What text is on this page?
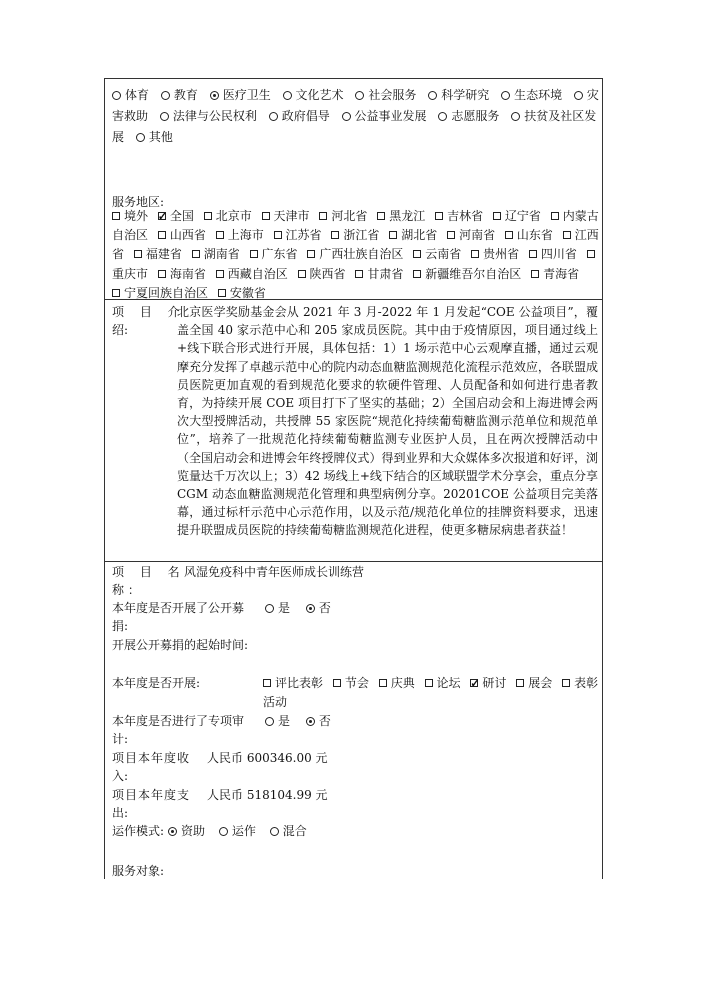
体育 教育 医疗卫生 文化艺术 社会服务 科学研究 生态环境 灾害救助 法律与公民权利 政府倡导 公益事业发展 志愿服务 扶贫及社区发展 其他
服务地区:
境外 ✓ 全国 北京市 天津市 河北省 黑龙江 吉林省 辽宁省 内蒙古自治区 山西省 上海市 江苏省 浙江省 湖北省 河南省 山东省 江西省 福建省 湖南省 广东省 广西壮族自治区 云南省 贵州省 四川省 重庆市 海南省 西藏自治区 陕西省 甘肃省 新疆维吾尔自治区 青海省 宁夏回族自治区 安徽省
项 目 介
绍:
北京医学奖励基金会从 2021 年 3 月-2022 年 1 月发起“COE 公益项目”，覆盖全国 40 家示范中心和 205 家成员医院。其中由于疫情原因，项目通过线上+线下联合形式进行开展，具体包括：1）1 场示范中心云观摩直播，通过云观摩充分发挥了卓越示范中心的院内动态血糖监测规范化流程示范效应，各联盟成员医院更加直观的看到规范化要求的软硬件管理、人员配备和如何进行患者教育，为持续开展 COE 项目打下了坚实的基础；2）全国启动会和上海进博会两次大型授牌活动，共授牌 55 家医院“规范化持续葡萄糖监测示范单位和规范单位”，培养了一批规范化持续葡萄糖监测专业医护人员，且在两次授牌活动中（全国启动会和进博会年终授牌仪式）得到业界和大众媒体多次报道和好评，浏览量达千万次以上；3）42 场线上+线下结合的区域联盟学术分享会，重点分享 CGM 动态血糖监测规范化管理和典型病例分享。20201COE 公益项目完美落幕，通过标杆示范中心示范作用，以及示范/规范化单位的挂牌资料要求，迅速提升联盟成员医院的持续葡萄糖监测规范化进程，使更多糖尿病患者获益！
项 目 名
风湿免疫科中青年医师成长训练营
称 ：
本年度是否开展了公开募
捐:
是 否
开展公开募捐的起始时间:
本年度是否开展:	评比表彰 节会 庆典 论坛 ✓ 研讨 展会 表彰活动
本年度是否进行了专项审
计:
是 否
项目本年度收 人民币 600346.00 元
入:
项目本年度支 人民币 518104.99 元
出:
运作模式:	资助 运作 混合
服务对象:
